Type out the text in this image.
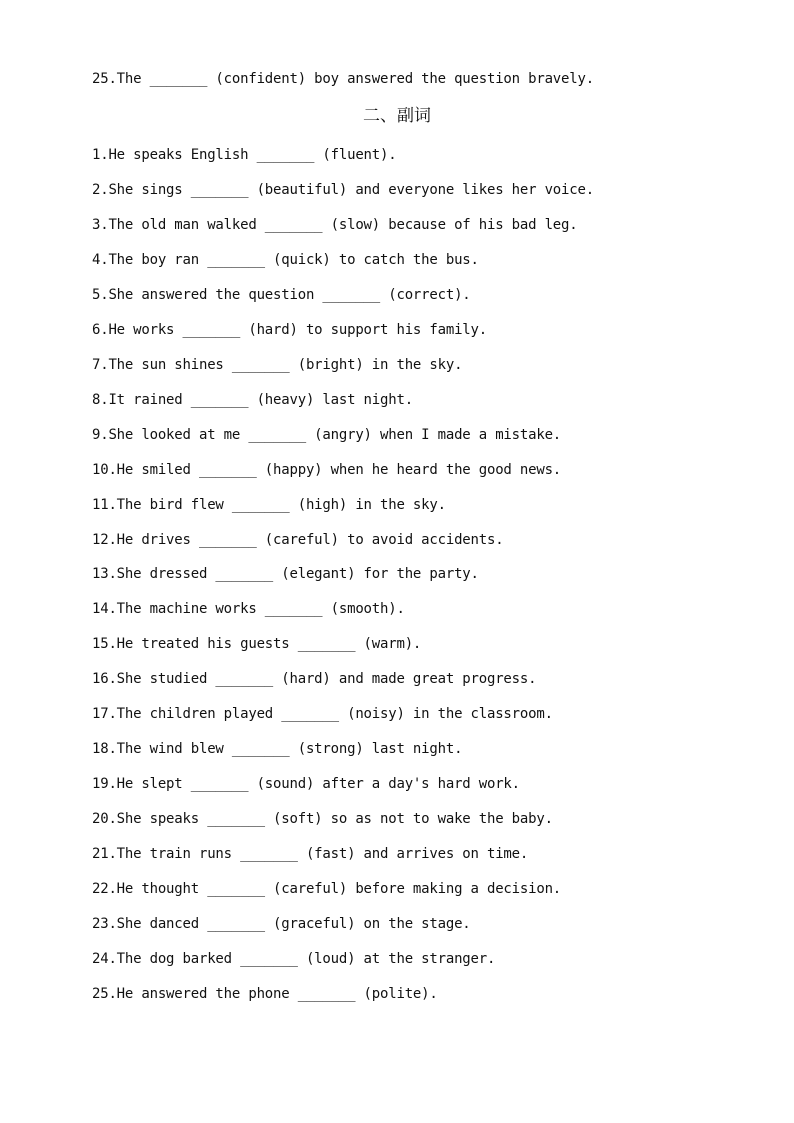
25.The _______ (confident) boy answered the question bravely.
二、副词
1.He speaks English _______ (fluent).
2.She sings _______ (beautiful) and everyone likes her voice.
3.The old man walked _______ (slow) because of his bad leg.
4.The boy ran _______ (quick) to catch the bus.
5.She answered the question _______ (correct).
6.He works _______ (hard) to support his family.
7.The sun shines _______ (bright) in the sky.
8.It rained _______ (heavy) last night.
9.She looked at me _______ (angry) when I made a mistake.
10.He smiled _______ (happy) when he heard the good news.
11.The bird flew _______ (high) in the sky.
12.He drives _______ (careful) to avoid accidents.
13.She dressed _______ (elegant) for the party.
14.The machine works _______ (smooth).
15.He treated his guests _______ (warm).
16.She studied _______ (hard) and made great progress.
17.The children played _______ (noisy) in the classroom.
18.The wind blew _______ (strong) last night.
19.He slept _______ (sound) after a day's hard work.
20.She speaks _______ (soft) so as not to wake the baby.
21.The train runs _______ (fast) and arrives on time.
22.He thought _______ (careful) before making a decision.
23.She danced _______ (graceful) on the stage.
24.The dog barked _______ (loud) at the stranger.
25.He answered the phone _______ (polite).
